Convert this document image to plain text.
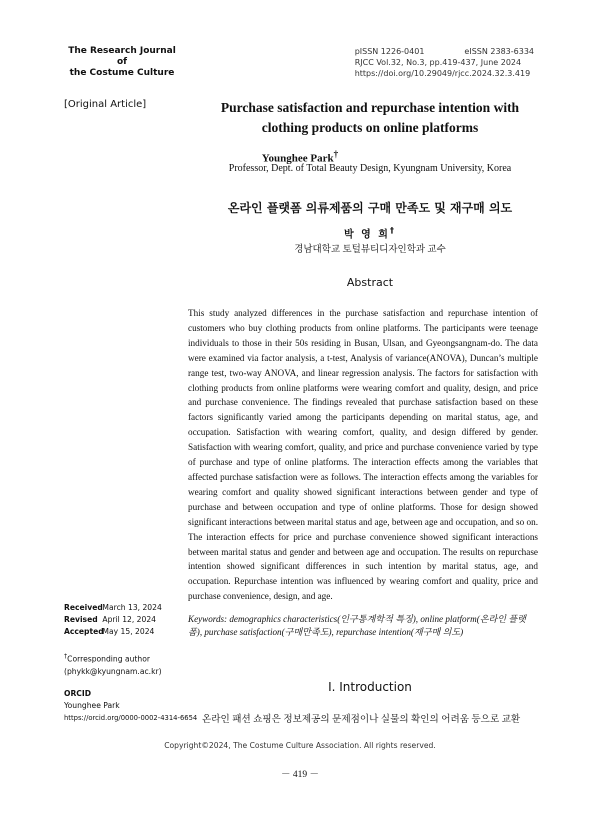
The Research Journal of
the Costume Culture
pISSN 1226-0401	eISSN 2383-6334
RJCC Vol.32, No.3, pp.419-437, June 2024
https://doi.org/10.29049/rjcc.2024.32.3.419
[Original Article]	Purchase satisfaction and repurchase intention with
clothing products on online platforms
Younghee Park†
Professor, Dept. of Total Beauty Design, Kyungnam University, Korea
온라인 플랫폼 의류제품의 구매 만족도 및 재구매 의도
박 영 희†
경남대학교 토털뷰티디자인학과 교수
Abstract
This study analyzed differences in the purchase satisfaction and repurchase intention of customers who buy clothing products from online platforms. The participants were teenage individuals to those in their 50s residing in Busan, Ulsan, and Gyeongsangnam-do. The data were examined via factor analysis, a t-test, Analysis of variance(ANOVA), Duncan’s multiple range test, two-way ANOVA, and linear regression analysis. The factors for satisfaction with clothing products from online platforms were wearing comfort and quality, design, and price and purchase convenience. The findings revealed that purchase satisfaction based on these factors significantly varied among the participants depending on marital status, age, and occupation. Satisfaction with wearing comfort, quality, and design differed by gender. Satisfaction with wearing comfort, quality, and price and purchase convenience varied by type of purchase and type of online platforms. The interaction effects among the variables that affected purchase satisfaction were as follows. The interaction effects among the variables for wearing comfort and quality showed significant interactions between gender and type of purchase and between occupation and type of online platforms. Those for design showed significant interactions between marital status and age, between age and occupation, and so on. The interaction effects for price and purchase convenience showed significant interactions between marital status and gender and between age and occupation. The results on repurchase intention showed significant differences in such intention by marital status, age, and occupation. Repurchase intention was influenced by wearing comfort and quality, price and purchase convenience, design, and age.
Keywords: demographics characteristics(인구통계학적 특징), online platform(온라인 플랫폼), purchase satisfaction(구매만족도), repurchase intention(재구매 의도)
Received March 13, 2024
Revised April 12, 2024
Accepted May 15, 2024
†Corresponding author
(phykk@kyungnam.ac.kr)
ORCID
Younghee Park
https://orcid.org/0000-0002-4314-6654
Ⅰ. Introduction
온라인 패션 쇼핑은 정보제공의 문제점이나 실물의 확인의 어려움 등으로 교환
Copyright©2024, The Costume Culture Association. All rights reserved.
－ 419 －
